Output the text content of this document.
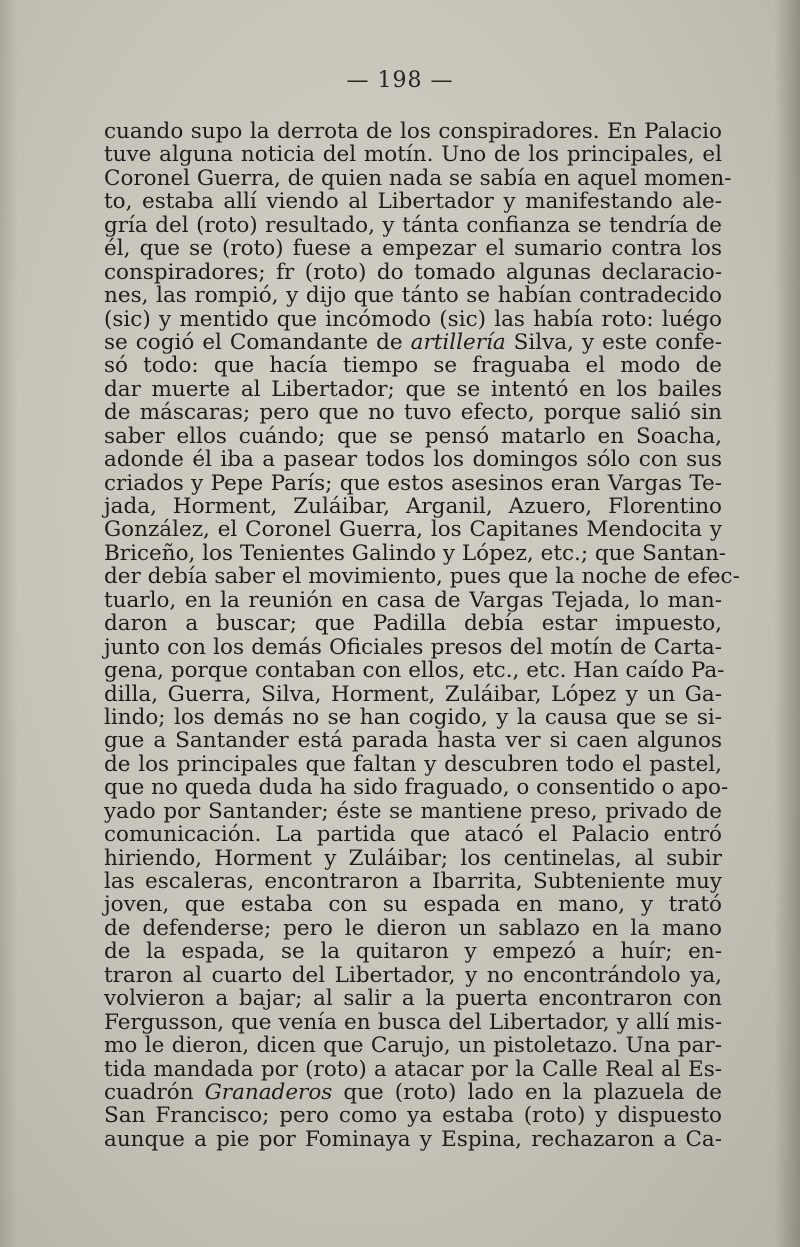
— 198 —
cuando supo la derrota de los conspiradores. En Palacio
tuve alguna noticia del motín. Uno de los principales, el
Coronel Guerra, de quien nada se sabía en aquel momen-
to, estaba allí viendo al Libertador y manifestando ale-
gría del (roto) resultado, y tánta confianza se tendría de
él, que se (roto) fuese a empezar el sumario contra los
conspiradores; fr (roto) do tomado algunas declaracio-
nes, las rompió, y dijo que tánto se habían contradecido
(sic) y mentido que incómodo (sic) las había roto: luégo
se cogió el Comandante de artillería Silva, y este confe-
só todo: que hacía tiempo se fraguaba el modo de
dar muerte al Libertador; que se intentó en los bailes
de máscaras; pero que no tuvo efecto, porque salió sin
saber ellos cuándo; que se pensó matarlo en Soacha,
adonde él iba a pasear todos los domingos sólo con sus
criados y Pepe París; que estos asesinos eran Vargas Te-
jada, Horment, Zuláibar, Arganil, Azuero, Florentino
González, el Coronel Guerra, los Capitanes Mendocita y
Briceño, los Tenientes Galindo y López, etc.; que Santan-
der debía saber el movimiento, pues que la noche de efec-
tuarlo, en la reunión en casa de Vargas Tejada, lo man-
daron a buscar; que Padilla debía estar impuesto,
junto con los demás Oficiales presos del motín de Carta-
gena, porque contaban con ellos, etc., etc. Han caído Pa-
dilla, Guerra, Silva, Horment, Zuláibar, López y un Ga-
lindo; los demás no se han cogido, y la causa que se si-
gue a Santander está parada hasta ver si caen algunos
de los principales que faltan y descubren todo el pastel,
que no queda duda ha sido fraguado, o consentido o apo-
yado por Santander; éste se mantiene preso, privado de
comunicación. La partida que atacó el Palacio entró
hiriendo, Horment y Zuláibar; los centinelas, al subir
las escaleras, encontraron a Ibarrita, Subteniente muy
joven, que estaba con su espada en mano, y trató
de defenderse; pero le dieron un sablazo en la mano
de la espada, se la quitaron y empezó a huír; en-
traron al cuarto del Libertador, y no encontrándolo ya,
volvieron a bajar; al salir a la puerta encontraron con
Fergusson, que venía en busca del Libertador, y allí mis-
mo le dieron, dicen que Carujo, un pistoletazo. Una par-
tida mandada por (roto) a atacar por la Calle Real al Es-
cuadrón Granaderos que (roto) lado en la plazuela de
San Francisco; pero como ya estaba (roto) y dispuesto
aunque a pie por Fominaya y Espina, rechazaron a Ca-
